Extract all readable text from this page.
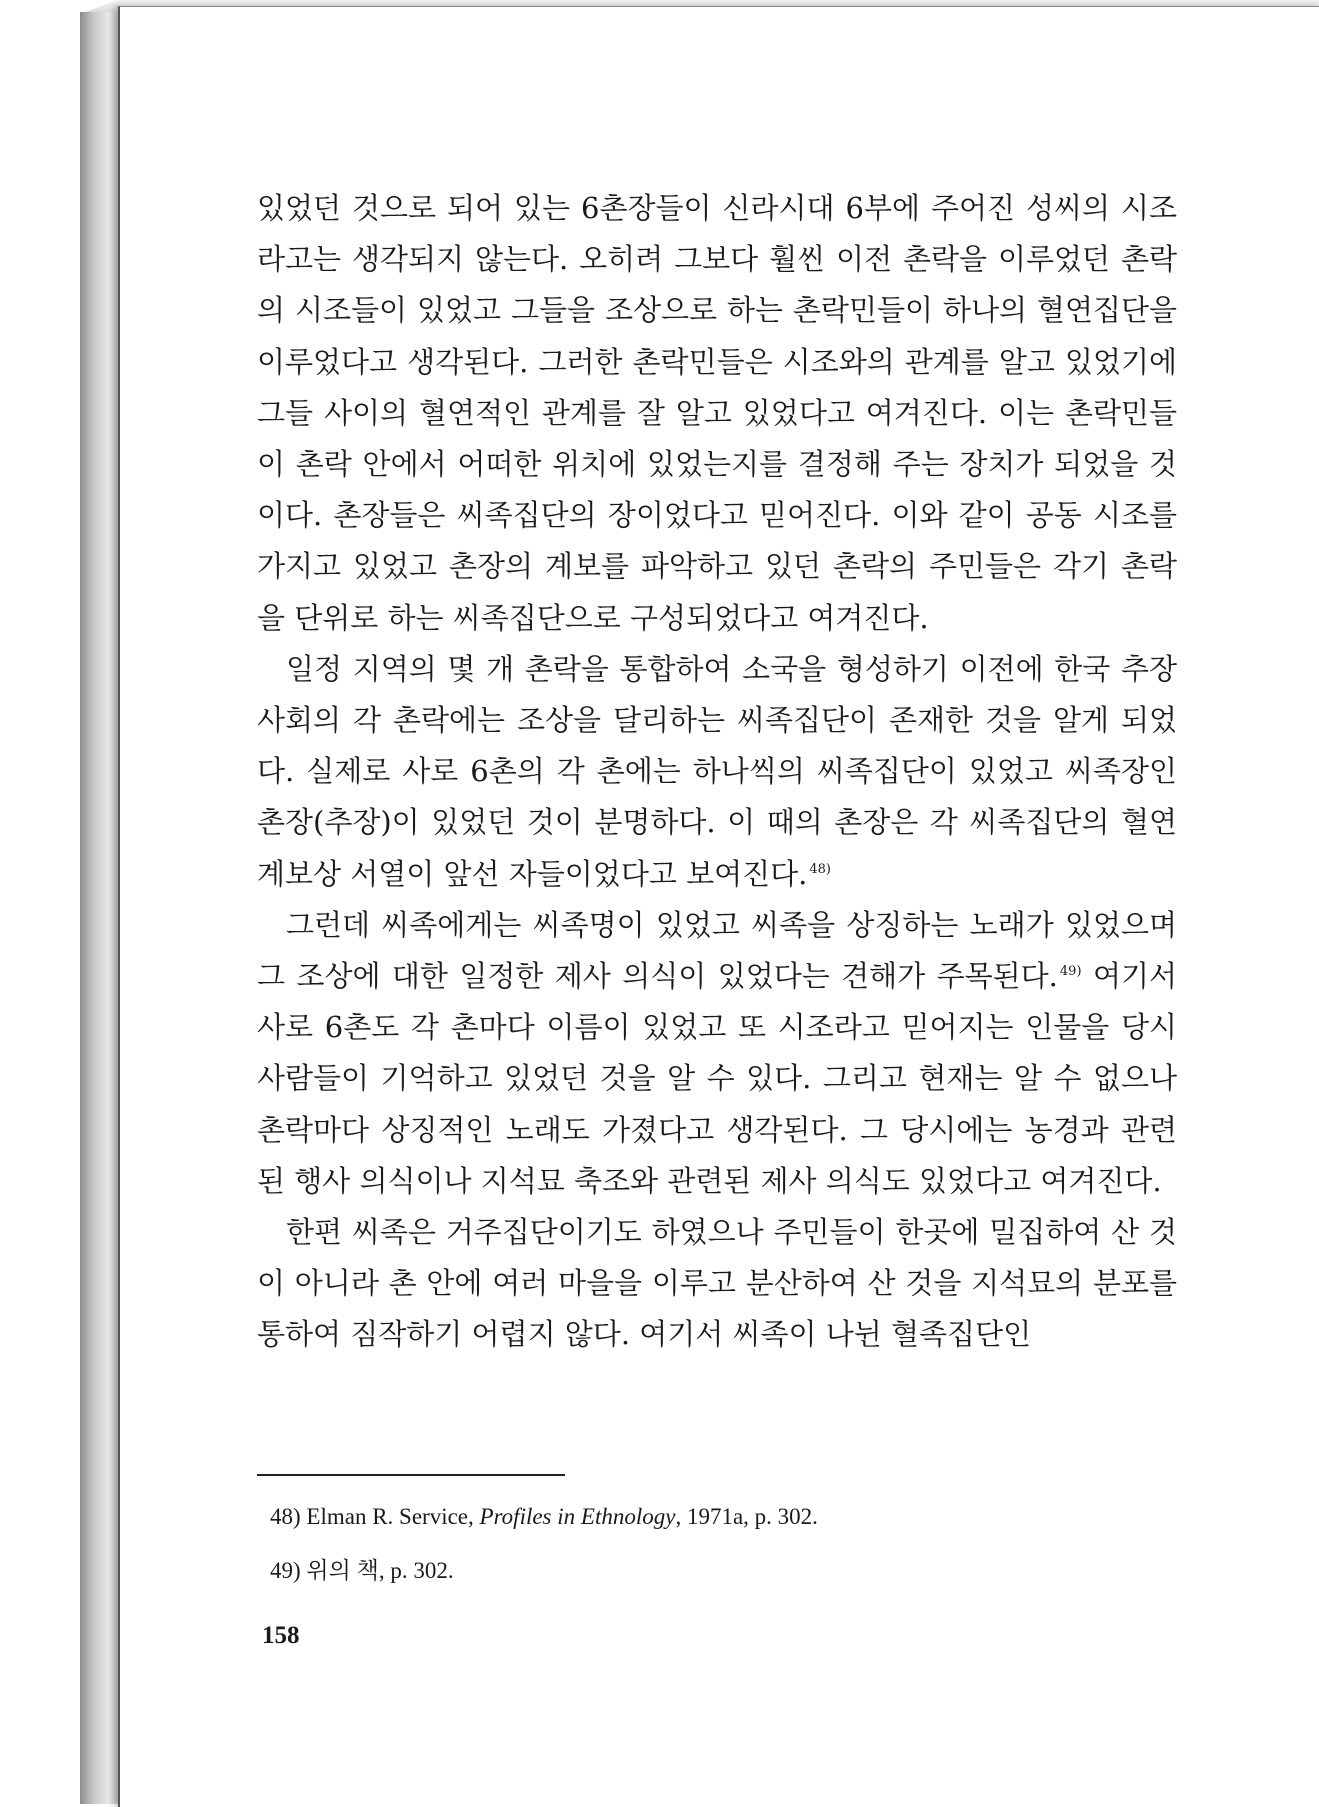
있었던 것으로 되어 있는 6촌장들이 신라시대 6부에 주어진 성씨의 시조라고는 생각되지 않는다. 오히려 그보다 훨씬 이전 촌락을 이루었던 촌락의 시조들이 있었고 그들을 조상으로 하는 촌락민들이 하나의 혈연집단을 이루었다고 생각된다. 그러한 촌락민들은 시조와의 관계를 알고 있었기에 그들 사이의 혈연적인 관계를 잘 알고 있었다고 여겨진다. 이는 촌락민들이 촌락 안에서 어떠한 위치에 있었는지를 결정해 주는 장치가 되었을 것이다. 촌장들은 씨족집단의 장이었다고 믿어진다. 이와 같이 공동 시조를 가지고 있었고 촌장의 계보를 파악하고 있던 촌락의 주민들은 각기 촌락을 단위로 하는 씨족집단으로 구성되었다고 여겨진다.

일정 지역의 몇 개 촌락을 통합하여 소국을 형성하기 이전에 한국 추장사회의 각 촌락에는 조상을 달리하는 씨족집단이 존재한 것을 알게 되었다. 실제로 사로 6촌의 각 촌에는 하나씩의 씨족집단이 있었고 씨족장인 촌장(추장)이 있었던 것이 분명하다. 이 때의 촌장은 각 씨족집단의 혈연계보상 서열이 앞선 자들이었다고 보여진다. $^{48)}$

그런데 씨족에게는 씨족명이 있었고 씨족을 상징하는 노래가 있었으며 그 조상에 대한 일정한 제사 의식이 있었다는 견해가 주목된다. $^{49)}$ 여기서 사로 6촌도 각 촌마다 이름이 있었고 또 시조라고 믿어지는 인물을 당시 사람들이 기억하고 있었던 것을 알 수 있다. 그리고 현재는 알 수 없으나 촌락마다 상징적인 노래도 가졌다고 생각된다. 그 당시에는 농경과 관련된 행사 의식이나 지석묘 축조와 관련된 제사 의식도 있었다고 여겨진다.

한편 씨족은 거주집단이기도 하였으나 주민들이 한곳에 밀집하여 산 것이 아니라 촌 안에 여러 마을을 이루고 분산하여 산 것을 지석묘의 분포를 통하여 짐작하기 어렵지 않다. 여기서 씨족이 나뉜 혈족집단인

48) Elman R. Service, Profiles in Ethnology, 1971a, p. 302.

49) 위의 책, p. 302.

158
